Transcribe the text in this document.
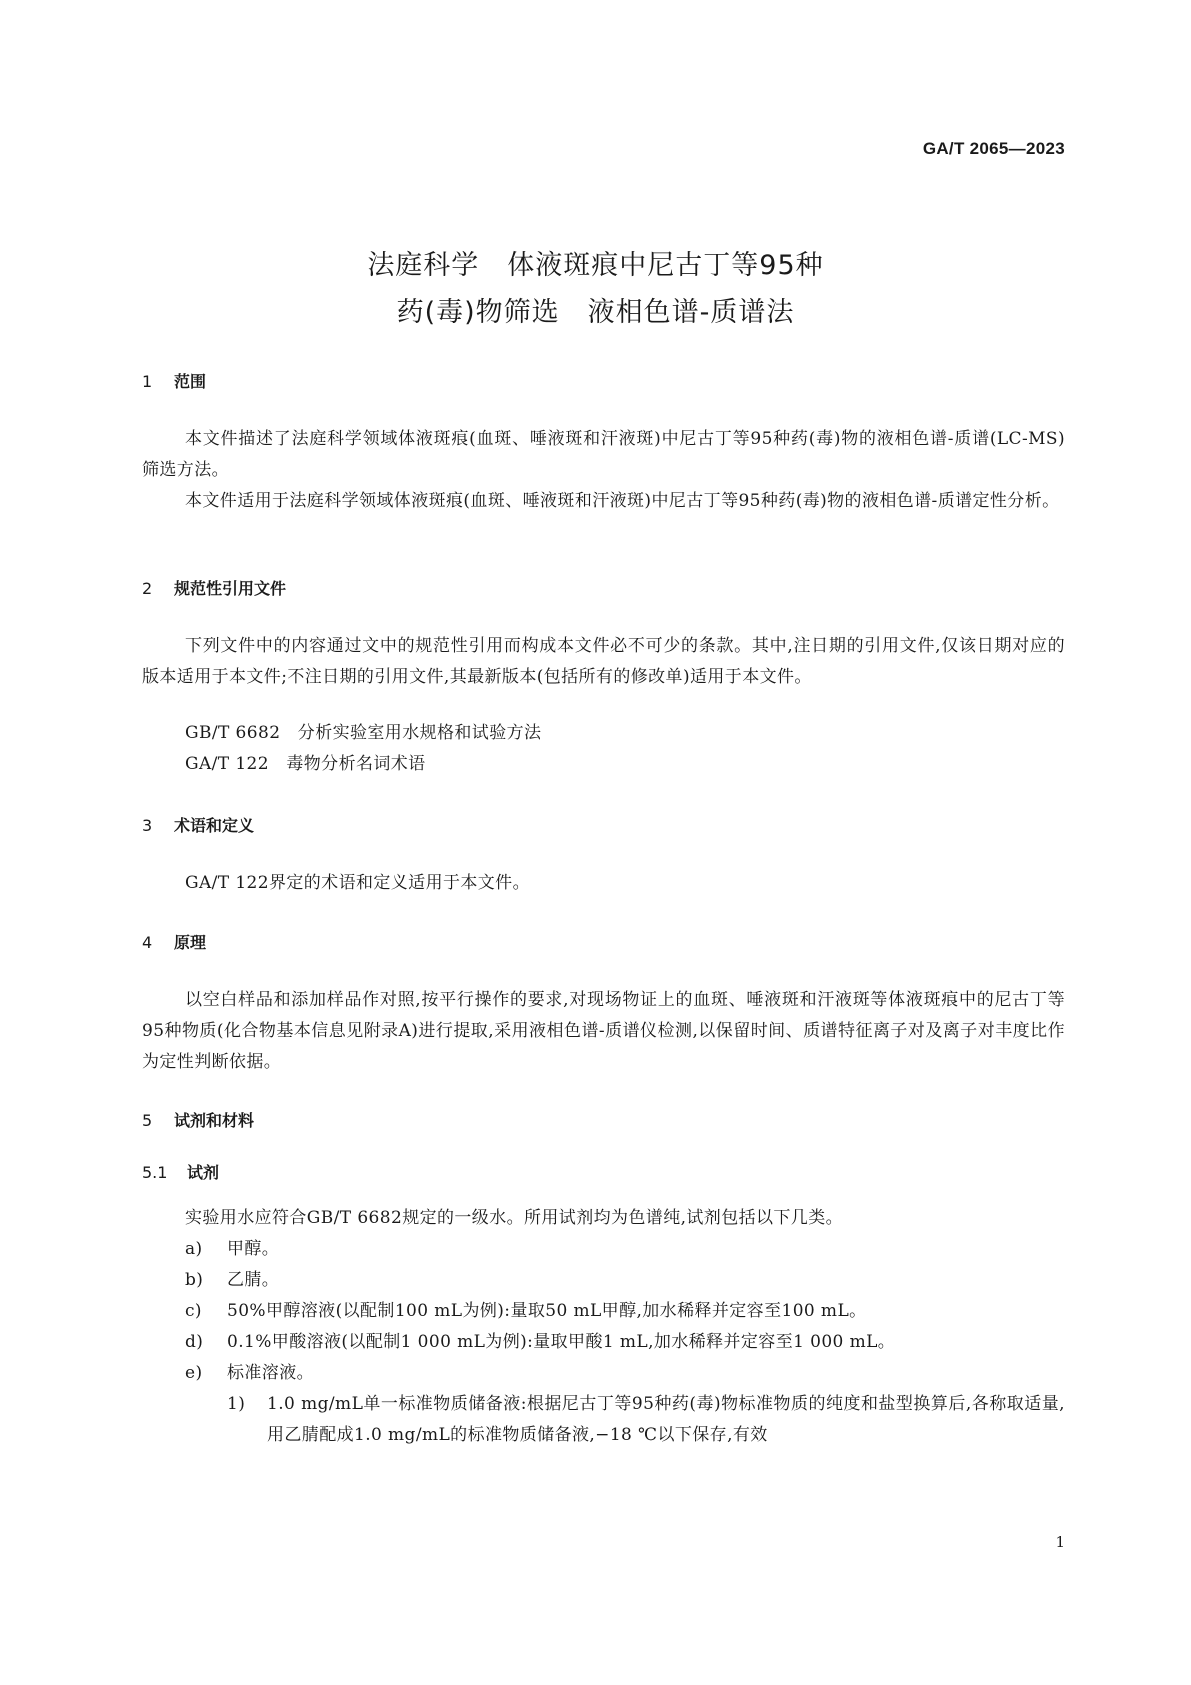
GA/T 2065—2023
法庭科学　体液斑痕中尼古丁等95种
药(毒)物筛选　液相色谱-质谱法
1 范围
本文件描述了法庭科学领域体液斑痕(血斑、唾液斑和汗液斑)中尼古丁等95种药(毒)物的液相色谱-质谱(LC-MS)筛选方法。
本文件适用于法庭科学领域体液斑痕(血斑、唾液斑和汗液斑)中尼古丁等95种药(毒)物的液相色谱-质谱定性分析。
2 规范性引用文件
下列文件中的内容通过文中的规范性引用而构成本文件必不可少的条款。其中,注日期的引用文件,仅该日期对应的版本适用于本文件;不注日期的引用文件,其最新版本(包括所有的修改单)适用于本文件。
GB/T 6682　分析实验室用水规格和试验方法
GA/T 122　毒物分析名词术语
3 术语和定义
GA/T 122界定的术语和定义适用于本文件。
4 原理
以空白样品和添加样品作对照,按平行操作的要求,对现场物证上的血斑、唾液斑和汗液斑等体液斑痕中的尼古丁等95种物质(化合物基本信息见附录A)进行提取,采用液相色谱-质谱仪检测,以保留时间、质谱特征离子对及离子对丰度比作为定性判断依据。
5 试剂和材料
5.1 试剂
实验用水应符合GB/T 6682规定的一级水。所用试剂均为色谱纯,试剂包括以下几类。
a) 甲醇。
b) 乙腈。
c) 50%甲醇溶液(以配制100 mL为例):量取50 mL甲醇,加水稀释并定容至100 mL。
d) 0.1%甲酸溶液(以配制1 000 mL为例):量取甲酸1 mL,加水稀释并定容至1 000 mL。
e) 标准溶液。
1) 1.0 mg/mL单一标准物质储备液:根据尼古丁等95种药(毒)物标准物质的纯度和盐型换算后,各称取适量,用乙腈配成1.0 mg/mL的标准物质储备液,−18 ℃以下保存,有效
1
